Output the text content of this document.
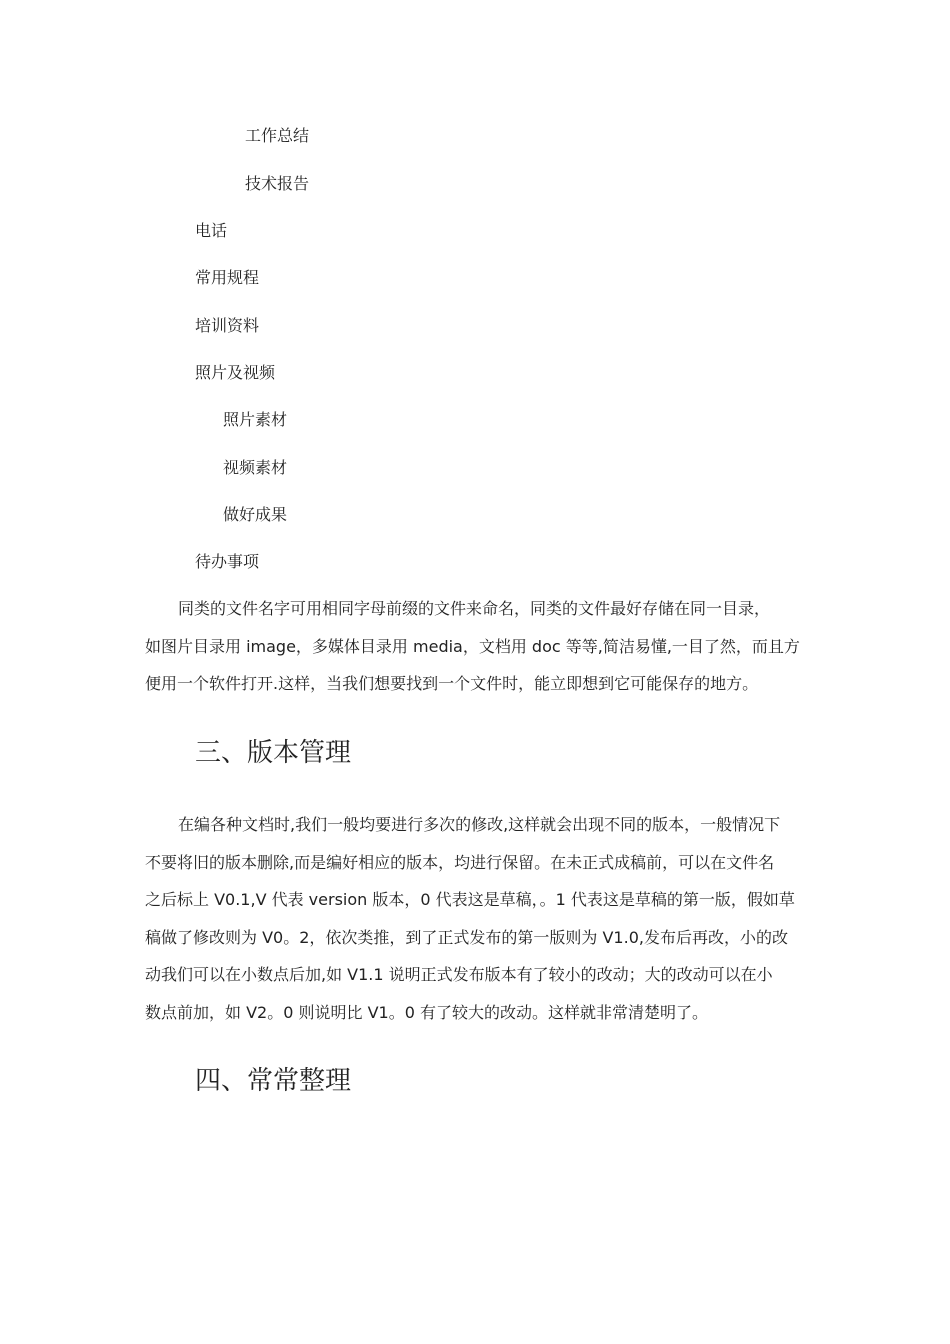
工作总结
技术报告
电话
常用规程
培训资料
照片及视频
照片素材
视频素材
做好成果
待办事项
同类的文件名字可用相同字母前缀的文件来命名，同类的文件最好存储在同一目录，
如图片目录用 image，多媒体目录用 media，文档用 doc 等等,简洁易懂,一目了然，而且方
便用一个软件打开.这样，当我们想要找到一个文件时，能立即想到它可能保存的地方。
三、版本管理
在编各种文档时,我们一般均要进行多次的修改,这样就会出现不同的版本，一般情况下
不要将旧的版本删除,而是编好相应的版本，均进行保留。在未正式成稿前，可以在文件名
之后标上 V0.1,V 代表 version 版本，0 代表这是草稿，。1 代表这是草稿的第一版，假如草
稿做了修改则为 V0。2，依次类推，到了正式发布的第一版则为 V1.0,发布后再改，小的改
动我们可以在小数点后加,如 V1.1 说明正式发布版本有了较小的改动；大的改动可以在小
数点前加，如 V2。0 则说明比 V1。0 有了较大的改动。这样就非常清楚明了。
四、常常整理
